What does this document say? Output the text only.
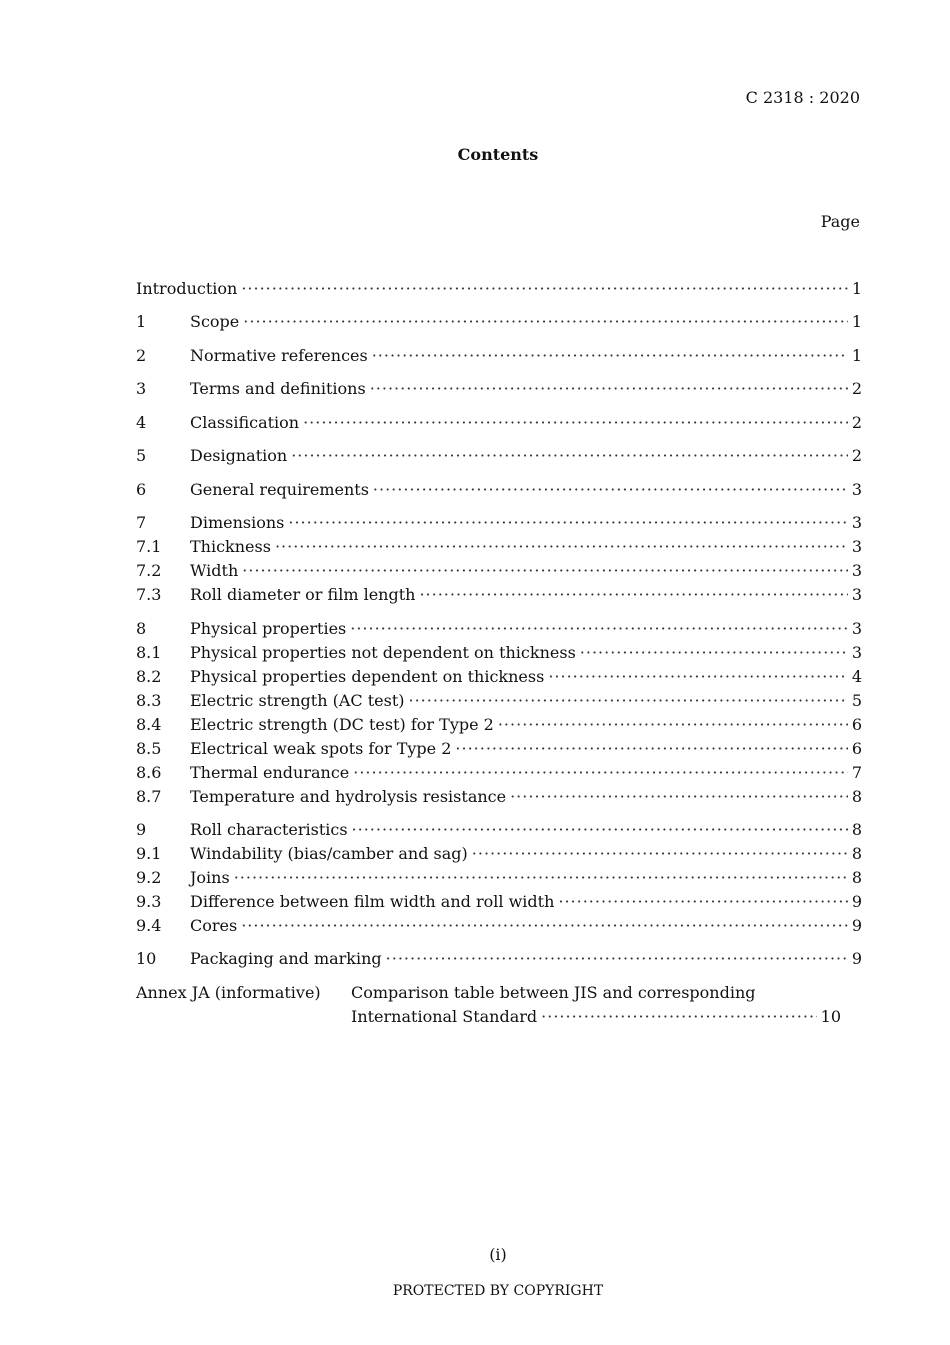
C 2318 : 2020
Contents
Page
Introduction ·····	1
1	Scope ·····	1
2	Normative references ·····	1
3	Terms and definitions ·····	2
4	Classification ·····	2
5	Designation ·····	2
6	General requirements ·····	3
7	Dimensions ·····	3
7.1	Thickness ·····	3
7.2	Width ·····	3
7.3	Roll diameter or film length ·····	3
8	Physical properties ·····	3
8.1	Physical properties not dependent on thickness ·····	3
8.2	Physical properties dependent on thickness ·····	4
8.3	Electric strength (AC test) ·····	5
8.4	Electric strength (DC test) for Type 2 ·····	6
8.5	Electrical weak spots for Type 2 ·····	6
8.6	Thermal endurance ·····	7
8.7	Temperature and hydrolysis resistance ·····	8
9	Roll characteristics ·····	8
9.1	Windability (bias/camber and sag) ·····	8
9.2	Joins ·····	8
9.3	Difference between film width and roll width ·····	9
9.4	Cores ·····	9
10	Packaging and marking ·····	9
Annex JA (informative) Comparison table between JIS and corresponding
International Standard ·····	10
(i)
PROTECTED BY COPYRIGHT
